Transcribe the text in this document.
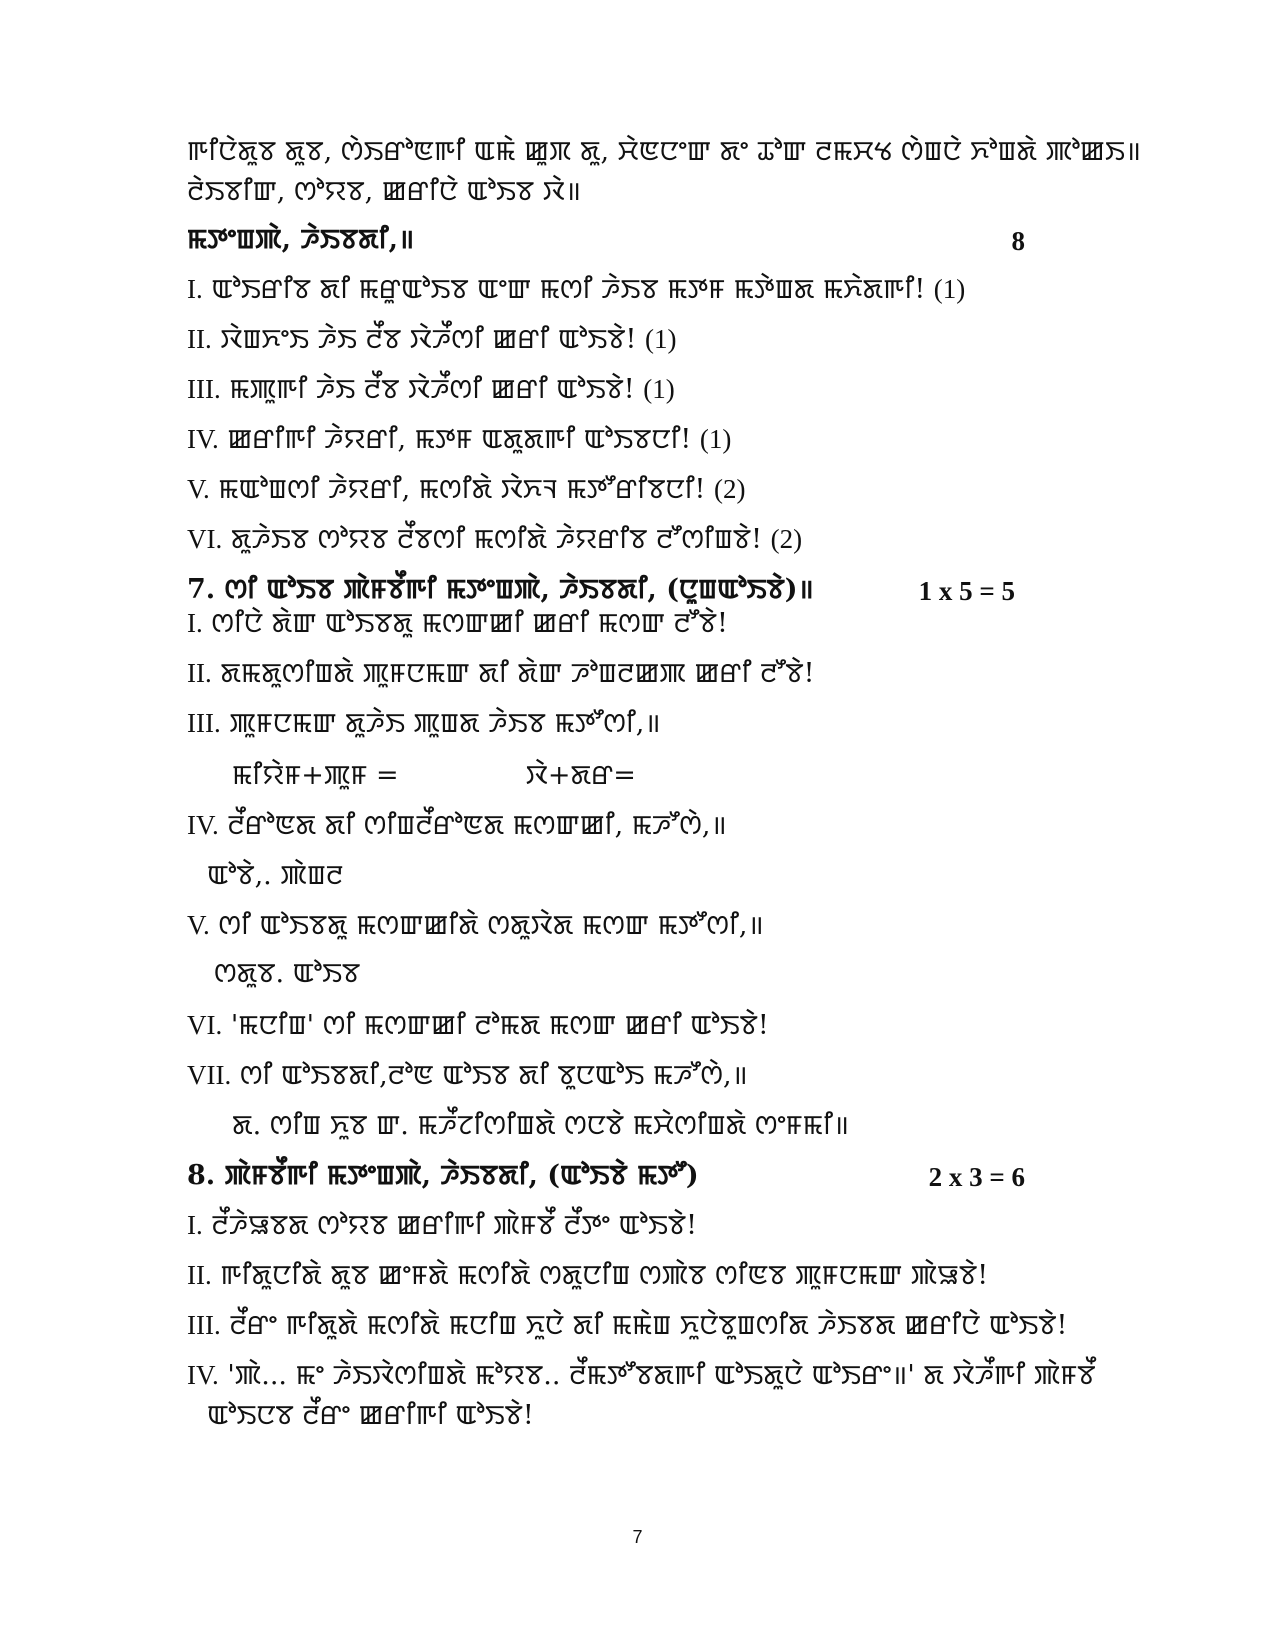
ꯒꯤꯅꯥꯗꯨꯕ ꯗꯨꯕ, ꯁꯥꯏꯔꯣꯟꯒꯤ ꯑꯃꯥ ꯀꯨꯞ ꯗꯨ, ꯆꯥꯟꯅꯦꯛ ꯗꯦ ꯊꯣꯛ ꯂꯃꯆꯠ ꯁꯥꯡꯅꯥ ꯈꯣꯡꯗꯥ ꯄꯣꯀꯏ॥
ꯂꯥꯏꯕꯤꯛ, ꯁꯣꯌꯕ, ꯀꯔꯤꯅꯥ ꯑꯣꯏꯕ ꯋꯥ॥
ꯃꯇꯦꯡꯄꯥ, ꯍꯥꯏꯕꯗꯤ,॥	8
I. ꯑꯣꯏꯔꯤꯕ ꯗꯤ ꯃꯔꯨꯑꯣꯏꯕ ꯑꯦꯛ ꯃꯁꯤ ꯍꯥꯏꯕ ꯃꯇꯝ ꯃꯇꯥꯡꯗ ꯃꯈꯥꯗꯒꯤ! (1)
II. ꯋꯥꯡꯈꯦꯏ ꯍꯥꯏ ꯂꯩꯕ ꯋꯥꯍꯩꯁꯤ ꯀꯔꯤ ꯑꯣꯏꯕꯥ! (1)
III. ꯃꯄꯨꯒꯤ ꯍꯥꯏ ꯂꯩꯕ ꯋꯥꯍꯩꯁꯤ ꯀꯔꯤ ꯑꯣꯏꯕꯥ! (1)
IV. ꯀꯔꯤꯒꯤ ꯍꯥꯌꯔꯤ, ꯃꯇꯝ ꯑꯗꯨꯗꯒꯤ ꯑꯣꯏꯕꯅꯤ! (1)
V. ꯃꯑꯣꯡꯁꯤ ꯍꯥꯌꯔꯤ, ꯃꯁꯤꯗꯥ ꯋꯥꯈꯜ ꯃꯇꯧꯔꯤꯕꯅꯤ! (2)
VI. ꯗꯨꯍꯥꯏꯕ ꯁꯣꯌꯕ ꯂꯩꯕꯁꯤ ꯃꯁꯤꯗꯥ ꯍꯥꯌꯔꯤꯕ ꯂꯧꯁꯤꯡꯕꯥ! (2)
7. ꯁꯤ ꯑꯣꯏꯕ ꯄꯥꯝꯕꯩꯒꯤ ꯃꯇꯦꯡꯄꯥ, ꯍꯥꯏꯕꯗꯤ, (ꯅꯨꯡꯑꯣꯏꯕꯥ)॥	1 x 5 = 5
I. ꯁꯤꯅꯥ ꯗꯥꯛ ꯑꯣꯏꯕꯗꯨ ꯃꯁꯛꯀꯤ ꯀꯔꯤ ꯃꯁꯛ ꯂꯧꯕꯥ!
II. ꯗꯃꯗꯨꯁꯤꯡꯗꯥ ꯄꯨꯝꯅꯃꯛ ꯗꯤ ꯗꯥꯛ ꯍꯣꯡꯂꯀꯄ ꯀꯔꯤ ꯂꯧꯕꯥ!
III. ꯄꯨꯝꯅꯃꯛ ꯗꯨꯍꯥꯏ ꯄꯨꯡꯗ ꯍꯥꯏꯕ ꯃꯇꯧꯁꯤ,॥
ꯃꯤꯌꯥꯝ+ꯄꯨꯝ =	ꯋꯥ+ꯗꯔ=
IV. ꯂꯩꯔꯣꯟꯗ ꯗꯤ ꯁꯤꯡꯂꯩꯔꯣꯟꯗ ꯃꯁꯛꯀꯤ, ꯃꯍꯧꯁꯥ,॥
ꯑꯣꯕꯥ,. ꯄꯥꯡꯂ
V. ꯁꯤ ꯑꯣꯏꯕꯗꯨ ꯃꯁꯛꯀꯤꯗꯥ ꯁꯗꯨꯋꯥꯗ ꯃꯁꯛ ꯃꯇꯧꯁꯤ,॥
ꯁꯗꯨꯕ. ꯑꯣꯏꯕ
VI. 'ꯃꯅꯤꯡ' ꯁꯤ ꯃꯁꯛꯀꯤ ꯂꯣꯃꯗ ꯃꯁꯛ ꯀꯔꯤ ꯑꯣꯏꯕꯥ!
VII. ꯁꯤ ꯑꯣꯏꯕꯗꯤ,ꯂꯣꯟ ꯑꯣꯏꯕ ꯗꯤ ꯕꯨꯅꯑꯣꯏ ꯃꯍꯧꯁꯥ,॥
ꯗ. ꯁꯤꯡ ꯈꯨꯕ ꯛ. ꯃꯍꯩꯖꯤꯁꯤꯡꯗꯥ ꯁꯅꯕꯥ ꯃꯆꯥꯁꯤꯡꯗꯥ ꯁꯦꯝꯃꯤ॥
8. ꯄꯥꯝꯕꯩꯒꯤ ꯃꯇꯦꯡꯄꯥ, ꯍꯥꯏꯕꯗꯤ, (ꯑꯣꯏꯕꯥ ꯃꯇꯧ)	2 x 3 = 6
I. ꯂꯩꯍꯥꯎꯕꯗ ꯁꯣꯌꯕ ꯀꯔꯤꯒꯤ ꯄꯥꯝꯕꯩ ꯂꯩꯇꯦ ꯑꯣꯏꯕꯥ!
II. ꯒꯤꯗꯨꯅꯤꯗꯥ ꯗꯨꯕ ꯀꯦꯝꯗꯥ ꯃꯁꯤꯗꯥ ꯁꯗꯨꯅꯤꯡ ꯁꯄꯥꯕ ꯁꯤꯟꯕ ꯄꯨꯝꯅꯃꯛ ꯄꯥꯎꯕꯥ!
III. ꯂꯩꯔꯦ ꯒꯤꯗꯨꯗꯥ ꯃꯁꯤꯗꯥ ꯃꯅꯤꯡ ꯈꯨꯅꯥ ꯗꯤ ꯃꯃꯥꯡ ꯈꯨꯅꯥꯕꯨꯡꯁꯤꯗ ꯍꯥꯏꯕꯗ ꯀꯔꯤꯅꯥ ꯑꯣꯏꯕꯥ!
IV. 'ꯄꯥ... ꯃꯦ ꯍꯥꯏꯋꯥꯁꯤꯡꯗꯥ ꯃꯣꯌꯕ.. ꯂꯩꯃꯇꯧꯕꯗꯒꯤ ꯑꯣꯏꯗꯨꯅꯥ ꯑꯣꯏꯔꯦ॥' ꯗ ꯋꯥꯍꯩꯒꯤ ꯄꯥꯝꯕꯩ
ꯑꯣꯏꯅꯕ ꯂꯩꯔꯦ ꯀꯔꯤꯒꯤ ꯑꯣꯏꯕꯥ!
7
